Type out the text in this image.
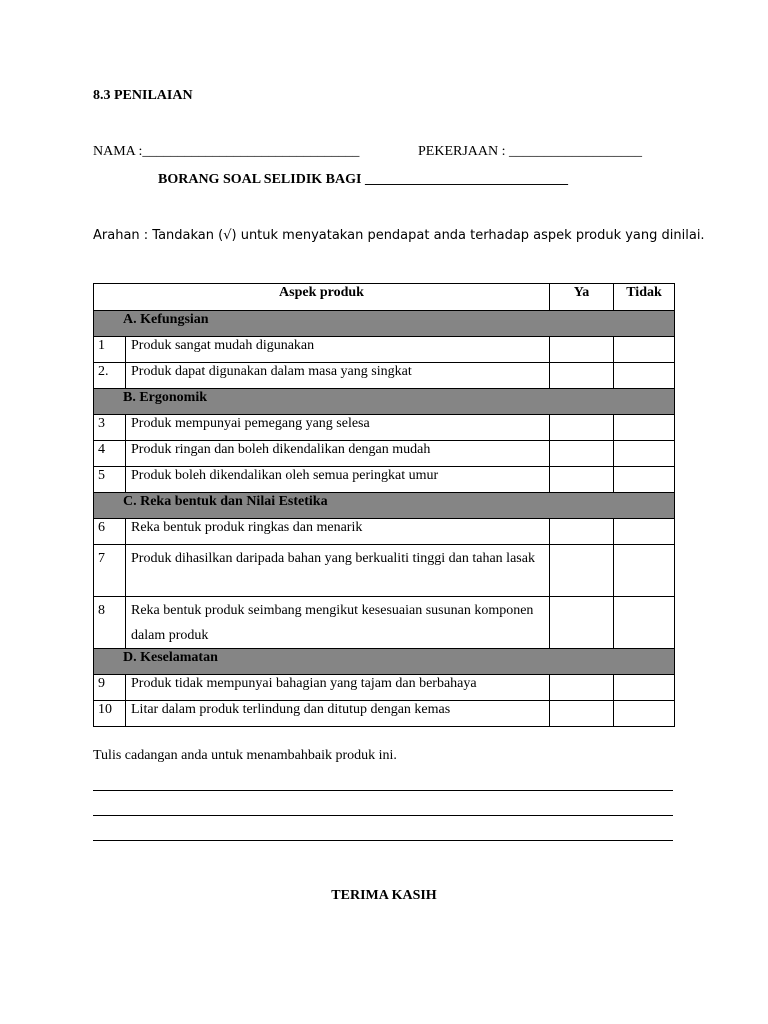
8.3 PENILAIAN
NAMA :_______________________________	PEKERJAAN : ___________________
BORANG SOAL SELIDIK BAGI _____________________________
Arahan : Tandakan (√) untuk menyatakan pendapat anda terhadap aspek produk yang dinilai.
Aspek produk		Ya	Tidak
A. Kefungsian			
1	Produk sangat mudah digunakan		
2.	Produk dapat digunakan dalam masa yang singkat		
B. Ergonomik			
3	Produk mempunyai pemegang yang selesa		
4	Produk ringan dan boleh dikendalikan dengan mudah		
5	Produk boleh dikendalikan oleh semua peringkat umur		
C. Reka bentuk dan Nilai Estetika			
6	Reka bentuk produk ringkas dan menarik		
7	Produk dihasilkan daripada bahan yang berkualiti tinggi dan tahan lasak		
8	Reka bentuk produk seimbang mengikut kesesuaian susunan komponen dalam produk		
D. Keselamatan			
9	Produk tidak mempunyai bahagian yang tajam dan berbahaya		
10	Litar dalam produk terlindung dan ditutup dengan kemas		
Tulis cadangan anda untuk menambahbaik produk ini.
TERIMA KASIH
